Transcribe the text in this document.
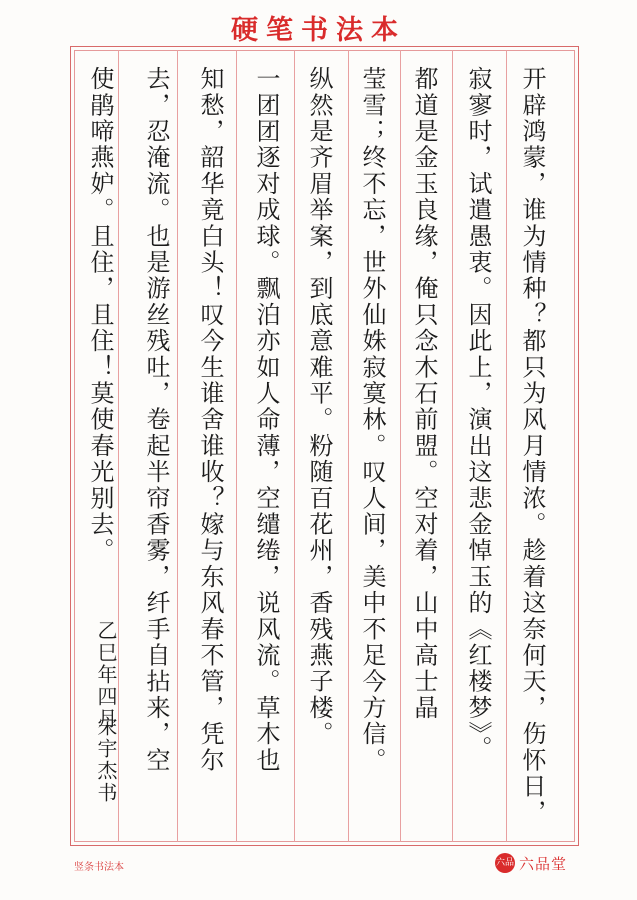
硬笔书法本
开辟鸿蒙，谁为情种？都只为风月情浓。趁着这奈何天，伤怀日，
寂寥时，试遣愚衷。因此上，演出这悲金悼玉的《红楼梦》。
都道是金玉良缘，俺只念木石前盟。空对着，山中高士晶
莹雪；终不忘，世外仙姝寂寞林。叹人间，美中不足今方信。
纵然是齐眉举案，到底意难平。粉随百花州，香残燕子楼。
一团团逐对成球。飘泊亦如人命薄，空缱绻，说风流。草木也
知愁，韶华竟白头！叹今生谁舍谁收？嫁与东风春不管，凭尔
去，忍淹流。也是游丝残吐，卷起半帘香雾，纤手自拈来，空
使鹃啼燕妒。且住，且住！莫使春光别去。
乙巳年四月
宋宇杰书
竖条书法本	六品 六品堂
